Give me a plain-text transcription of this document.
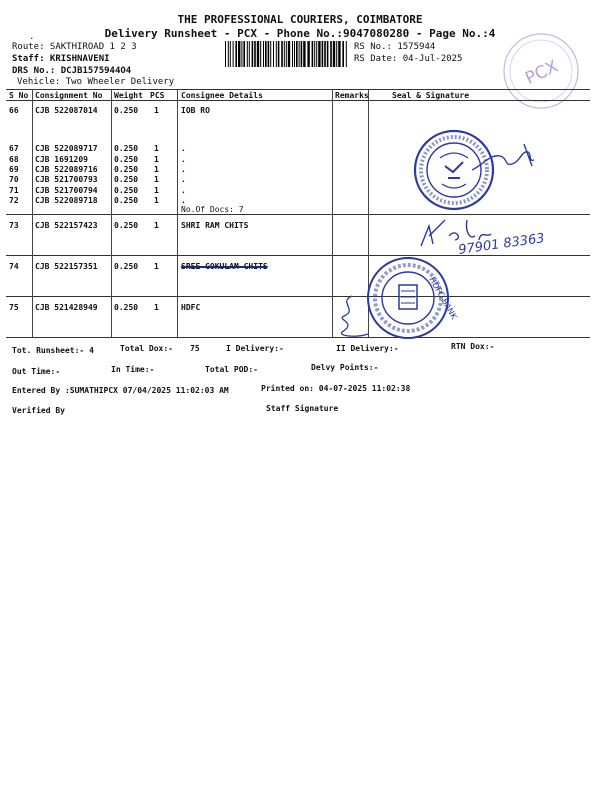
THE PROFESSIONAL COURIERS, COIMBATORE
Delivery Runsheet - PCX - Phone No.:9047080280 - Page No.:4
.
Route: SAKTHIROAD 1 2 3
Staff: KRISHNAVENI
DRS No.: DCJB1575944O4
Vehicle: Two Wheeler Delivery
RS No.: 1575944
RS Date: 04-Jul-2025	PCX
S No Consignment No Weight PCS Consignee Details	Remarks	Seal & Signature
66 CJB 522087014 0.250 1	IOB RO
67 CJB 522089717 0.250 1	.
68 CJB 1691209	0.250 1	.
69 CJB 522089716 0.250 1	.
70 CJB 521700793 0.250 1	.
71 CJB 521700794 0.250 1	.
72 CJB 522089718 0.250 1	.
No.Of Docs: 7
73 CJB 522157423 0.250 1	SHRI RAM CHITS
74 CJB 522157351 0.250 1	SREE GOKULAM CHITS
75 CJB 521428949 0.250 1	HDFC
97901 83363
HDFC BANK
Tot. Runsheet:- 4	Total Dox:- 75	I Delivery:-	II Delivery:-	RTN Dox:-
Out Time:-	In Time:-	Total POD:-	Delvy Points:-
Entered By :SUMATHIPCX 07/04/2025 11:02:03 AM	Printed on: 04-07-2025 11:02:38
Verified By	Staff Signature
